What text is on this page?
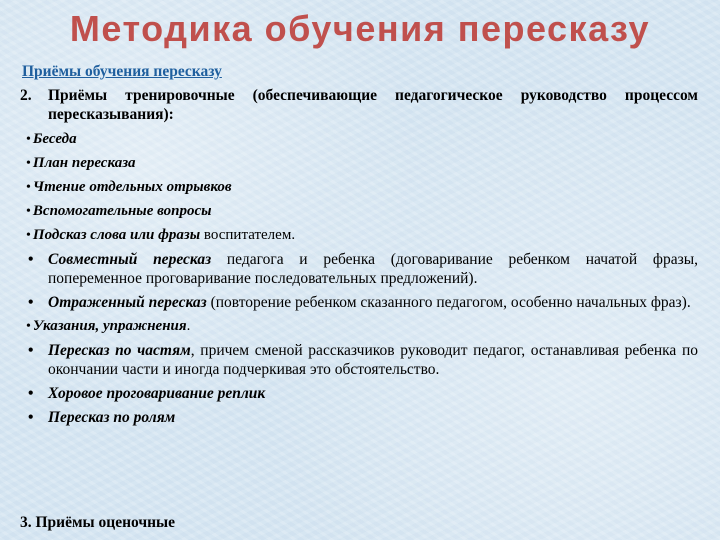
Методика обучения пересказу
Приёмы обучения пересказу

2. Приёмы тренировочные (обеспечивающие педагогическое руководство процессом пересказывания):

• Беседа
• План пересказа
• Чтение отдельных отрывков
• Вспомогательные вопросы
• Подсказ слова или фразы воспитателем.
• Совместный пересказ педагога и ребенка (договаривание ребенком начатой фразы, попеременное проговаривание последовательных предложений).
• Отраженный пересказ (повторение ребенком сказанного педагогом, особенно начальных фраз).
• Указания, упражнения.
• Пересказ по частям, причем сменой рассказчиков руководит педагог, останавливая ребенка по окончании части и иногда подчеркивая это обстоятельство.
• Хоровое проговаривание реплик
• Пересказ по ролям
3. Приёмы оценочные
